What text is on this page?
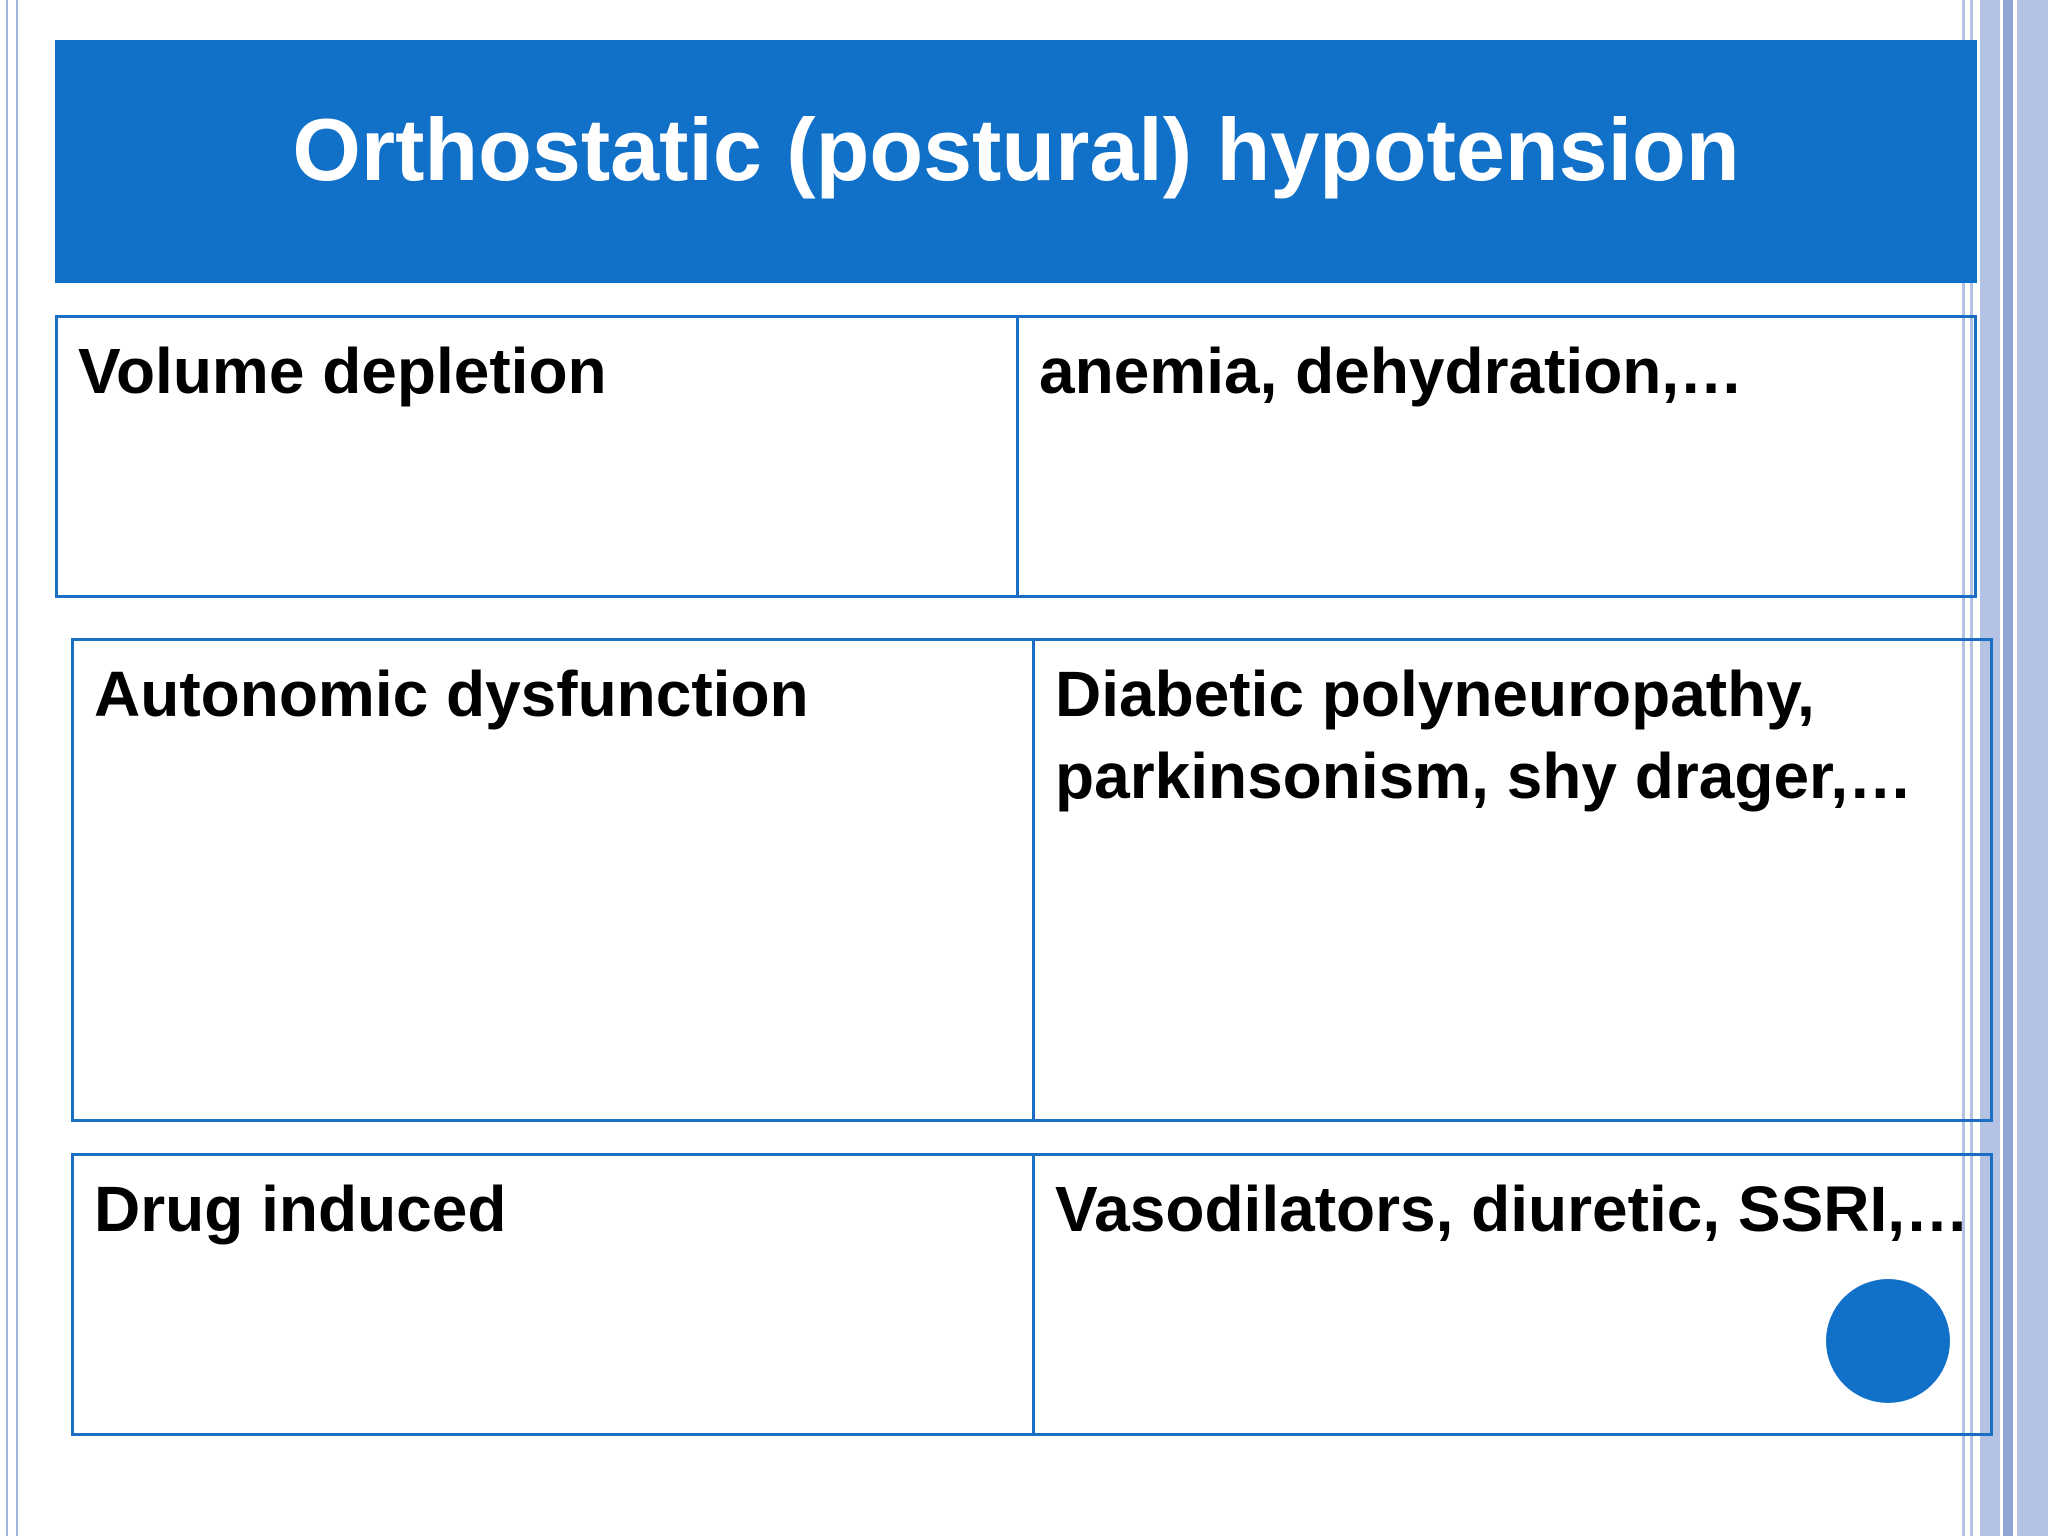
Orthostatic (postural) hypotension
Volume depletion	anemia, dehydration,…
Autonomic dysfunction	Diabetic polyneuropathy, parkinsonism, shy drager,…
Drug induced	Vasodilators, diuretic, SSRI,…
